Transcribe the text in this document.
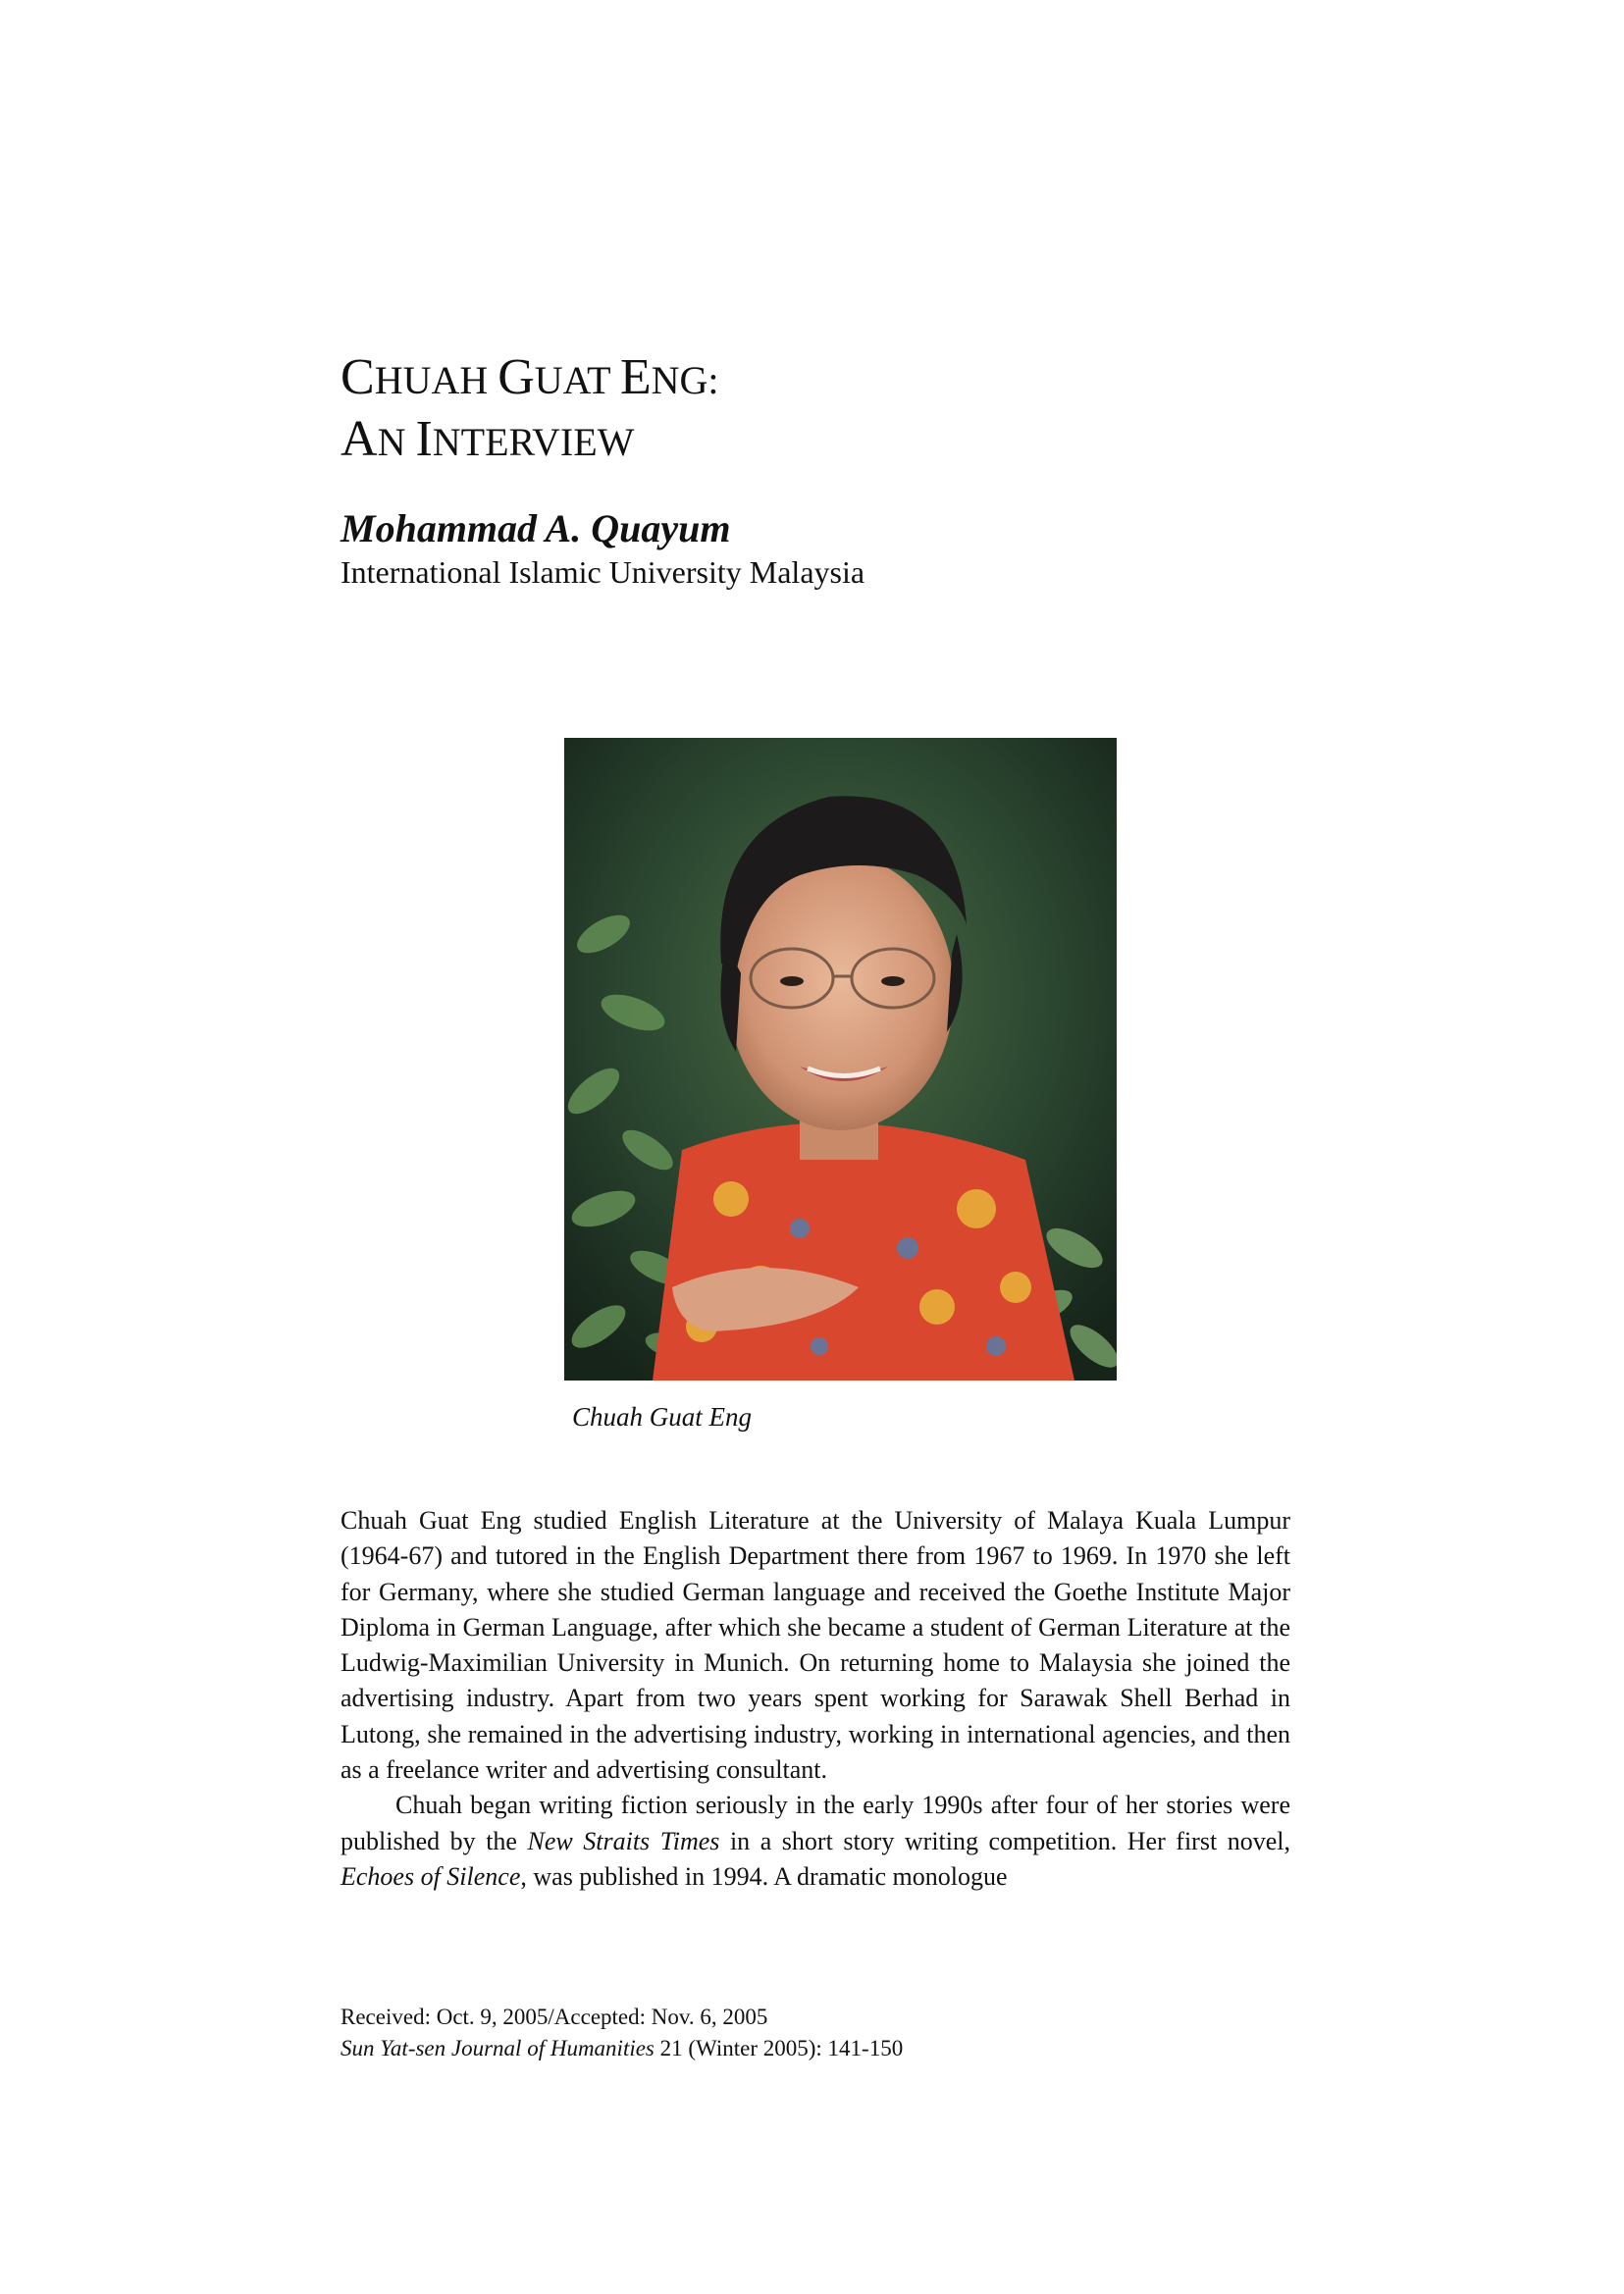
CHUAH GUAT ENG:
AN INTERVIEW

Mohammad A. Quayum

International Islamic University Malaysia

Chuah Guat Eng

Chuah Guat Eng studied English Literature at the University of Malaya Kuala Lumpur (1964-67) and tutored in the English Department there from 1967 to 1969. In 1970 she left for Germany, where she studied German language and received the Goethe Institute Major Diploma in German Language, after which she became a student of German Literature at the Ludwig-Maximilian University in Munich. On returning home to Malaysia she joined the advertising industry. Apart from two years spent working for Sarawak Shell Berhad in Lutong, she remained in the advertising industry, working in international agencies, and then as a freelance writer and advertising consultant.

Chuah began writing fiction seriously in the early 1990s after four of her stories were published by the New Straits Times in a short story writing competition. Her first novel, Echoes of Silence, was published in 1994. A dramatic monologue

Received: Oct. 9, 2005/Accepted: Nov. 6, 2005
Sun Yat-sen Journal of Humanities 21 (Winter 2005): 141-150
